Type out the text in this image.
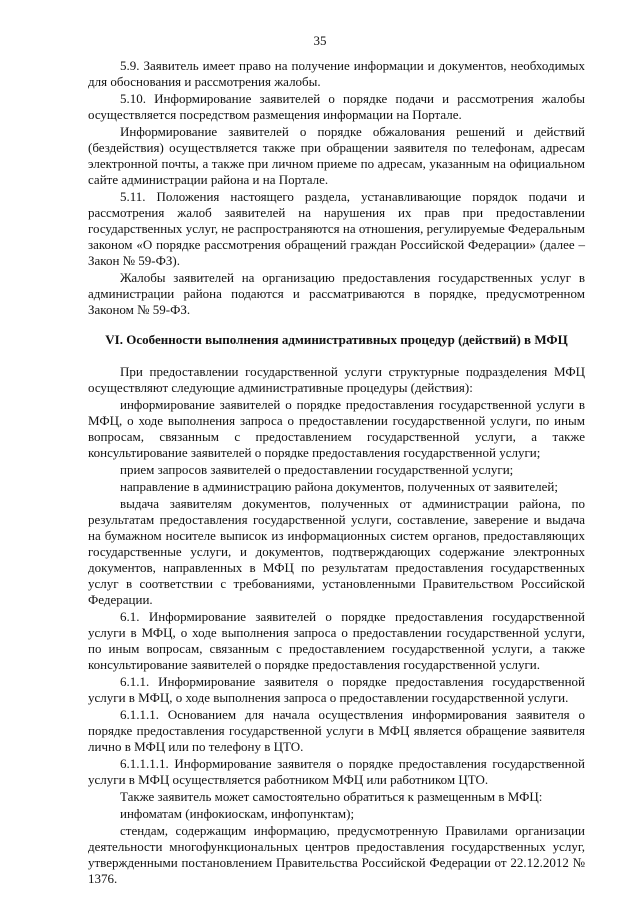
35

5.9. Заявитель имеет право на получение информации и документов, необходимых для обоснования и рассмотрения жалобы.

5.10. Информирование заявителей о порядке подачи и рассмотрения жалобы осуществляется посредством размещения информации на Портале.

Информирование заявителей о порядке обжалования решений и действий (бездействия) осуществляется также при обращении заявителя по телефонам, адресам электронной почты, а также при личном приеме по адресам, указанным на официальном сайте администрации района и на Портале.

5.11. Положения настоящего раздела, устанавливающие порядок подачи и рассмотрения жалоб заявителей на нарушения их прав при предоставлении государственных услуг, не распространяются на отношения, регулируемые Федеральным законом «О порядке рассмотрения обращений граждан Российской Федерации» (далее – Закон № 59-ФЗ).

Жалобы заявителей на организацию предоставления государственных услуг в администрации района подаются и рассматриваются в порядке, предусмотренном Законом № 59-ФЗ.

VI. Особенности выполнения административных процедур (действий) в МФЦ

При предоставлении государственной услуги структурные подразделения МФЦ осуществляют следующие административные процедуры (действия):

информирование заявителей о порядке предоставления государственной услуги в МФЦ, о ходе выполнения запроса о предоставлении государственной услуги, по иным вопросам, связанным с предоставлением государственной услуги, а также консультирование заявителей о порядке предоставления государственной услуги;

прием запросов заявителей о предоставлении государственной услуги;

направление в администрацию района документов, полученных от заявителей;

выдача заявителям документов, полученных от администрации района, по результатам предоставления государственной услуги, составление, заверение и выдача на бумажном носителе выписок из информационных систем органов, предоставляющих государственные услуги, и документов, подтверждающих содержание электронных документов, направленных в МФЦ по результатам предоставления государственных услуг в соответствии с требованиями, установленными Правительством Российской Федерации.

6.1. Информирование заявителей о порядке предоставления государственной услуги в МФЦ, о ходе выполнения запроса о предоставлении государственной услуги, по иным вопросам, связанным с предоставлением государственной услуги, а также консультирование заявителей о порядке предоставления государственной услуги.

6.1.1. Информирование заявителя о порядке предоставления государственной услуги в МФЦ, о ходе выполнения запроса о предоставлении государственной услуги.

6.1.1.1. Основанием для начала осуществления информирования заявителя о порядке предоставления государственной услуги в МФЦ является обращение заявителя лично в МФЦ или по телефону в ЦТО.

6.1.1.1.1. Информирование заявителя о порядке предоставления государственной услуги в МФЦ осуществляется работником МФЦ или работником ЦТО.

Также заявитель может самостоятельно обратиться к размещенным в МФЦ:

инфоматам (инфокиоскам, инфопунктам);

стендам, содержащим информацию, предусмотренную Правилами организации деятельности многофункциональных центров предоставления государственных услуг, утвержденными постановлением Правительства Российской Федерации от 22.12.2012 № 1376.
